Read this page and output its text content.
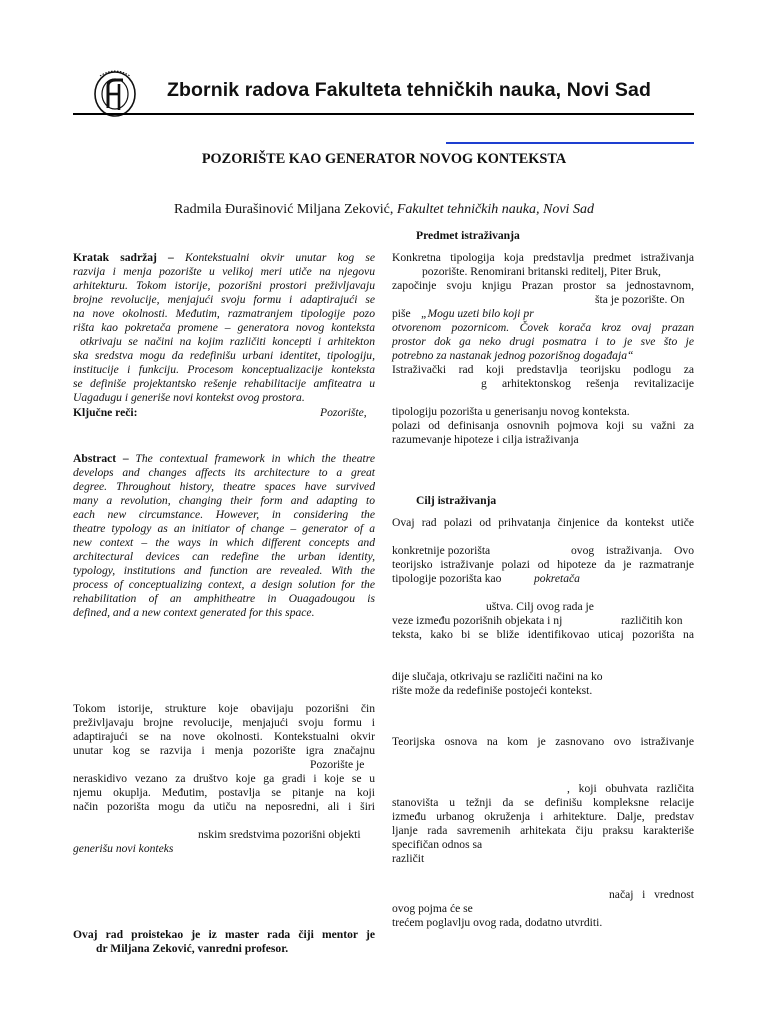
Zbornik radova Fakulteta tehničkih nauka, Novi Sad
POZORIŠTE KAO GENERATOR NOVOG KONTEKSTA
Radmila Đurašinović Miljana Zeković, Fakultet tehničkih nauka, Novi Sad
Kratak sadržaj – Kontekstualni okvir unutar kog se
razvija i menja pozorište u velikoj meri utiče na njegovu
arhitekturu. Tokom istorije, pozorišni prostori preživljavaju
brojne revolucije, menjajući svoju formu i adaptirajući se
na nove okolnosti. Međutim, razmatranjem tipologije pozo
rišta kao pokretača promene – generatora novog konteksta
otkrivaju se načini na kojim različiti koncepti i arhitekton
ska sredstva mogu da redefinišu urbani identitet, tipologiju,
institucije i funkciju. Procesom konceptualizacije konteksta
se definiše projektantsko rešenje rehabilitacije amfiteatra u
Uagadugu i generiše novi kontekst ovog prostora.
Ključne reči:	Pozorište,
Abstract – The contextual framework in which the theatre
develops and changes affects its architecture to a great
degree. Throughout history, theatre spaces have survived
many a revolution, changing their form and adapting to
each new circumstance. However, in considering the
theatre typology as an initiator of change – generator of a
new context – the ways in which different concepts and
architectural devices can redefine the urban identity,
typology, institutions and function are revealed. With the
process of conceptualizing context, a design solution for the
rehabilitation of an amphitheatre in Ouagadougou is
defined, and a new context generated for this space.
Tokom istorije, strukture koje obavijaju pozorišni čin
preživljavaju brojne revolucije, menjajući svoju formu i
adaptirajući se na nove okolnosti. Kontekstualni okvir
unutar kog se razvija i menja pozorište igra značajnu
Pozorište je
neraskidivo vezano za društvo koje ga gradi i koje se u
njemu okuplja. Međutim, postavlja se pitanje na koji
način pozorišta mogu da utiču na neposredni, ali i širi
nskim sredstvima pozorišni objekti
generišu novi konteks
Ovaj rad proistekao je iz master rada čiji mentor je
dr Miljana Zeković, vanredni profesor.
Predmet istraživanja
Konkretna tipologija koja predstavlja predmet istraživanja
pozorište. Renomirani britanski reditelj, Piter Bruk,
započinje svoju knjigu Prazan prostor sa jednostavnom,
šta je pozorište. On
piše „Mogu uzeti bilo koji pr
otvorenom pozornicom. Čovek korača kroz ovaj prazan
prostor dok ga neko drugi posmatra i to je sve što je
potrebno za nastanak jednog pozorišnog događaja“
Istraživački rad koji predstavlja teorijsku podlogu za
g arhitektonskog rešenja revitalizacije
tipologiju pozorišta u generisanju novog konteksta.
polazi od definisanja osnovnih pojmova koji su važni za
razumevanje hipoteze i cilja istraživanja
Cilj istraživanja
Ovaj rad polazi od prihvatanja činjenice da kontekst utiče
konkretnije pozorišta	ovog istraživanja. Ovo
teorijsko istraživanje polazi od hipoteze da je razmatranje
tipologije pozorišta kao	pokretača
uštva. Cilj ovog rada je
veze između pozorišnih objekata i nj	različitih kon
teksta, kako bi se bliže identifikovao uticaj pozorišta na
dije slučaja, otkrivaju se različiti načini na ko
rište može da redefiniše postojeći kontekst.
Teorijska osnova na kom je zasnovano ovo istraživanje
, koji obuhvata različita
stanovišta u težnji da se definišu kompleksne relacije
između urbanog okruženja i arhitekture. Dalje, predstav
ljanje rada savremenih arhitekata čiju praksu karakteriše
specifičan odnos sa
različit
načaj i vrednost
ovog pojma će se
trećem poglavlju ovog rada, dodatno utvrditi.
